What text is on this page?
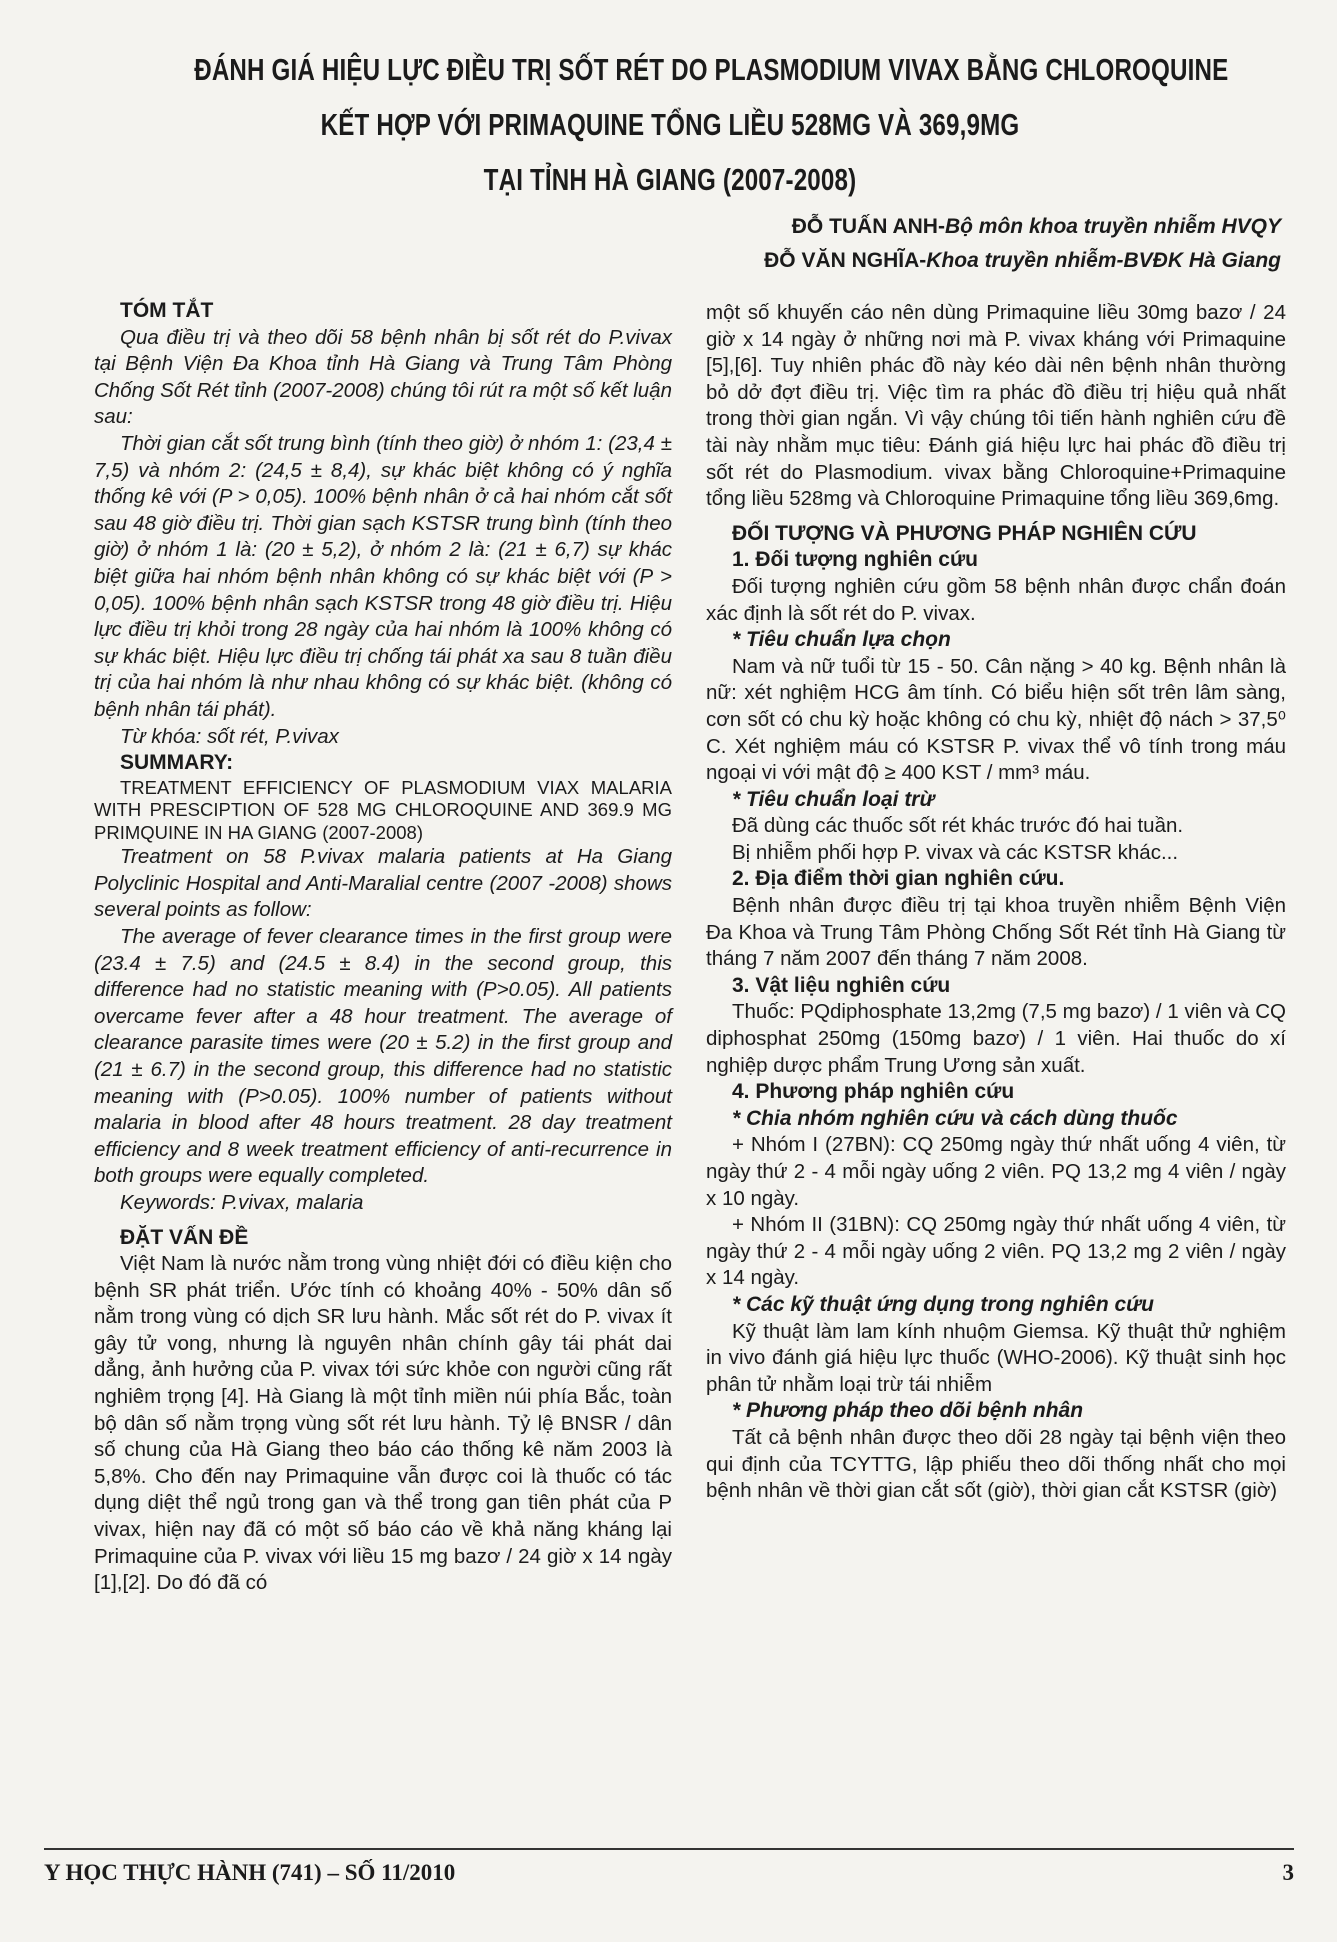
ĐÁNH GIÁ HIỆU LỰC ĐIỀU TRỊ SỐT RÉT DO PLASMODIUM VIVAX BẰNG CHLOROQUINE
KẾT HỢP VỚI PRIMAQUINE TỔNG LIỀU 528MG VÀ 369,9MG
TẠI TỈNH HÀ GIANG (2007-2008)
ĐỖ TUẤN ANH-Bộ môn khoa truyền nhiễm HVQY
ĐỖ VĂN NGHĨA-Khoa truyền nhiễm-BVĐK Hà Giang

TÓM TẮT

Qua điều trị và theo dõi 58 bệnh nhân bị sốt rét do P.vivax tại Bệnh Viện Đa Khoa tỉnh Hà Giang và Trung Tâm Phòng Chống Sốt Rét tỉnh (2007-2008) chúng tôi rút ra một số kết luận sau:

Thời gian cắt sốt trung bình (tính theo giờ) ở nhóm 1: (23,4 ± 7,5) và nhóm 2: (24,5 ± 8,4), sự khác biệt không có ý nghĩa thống kê với (P > 0,05). 100% bệnh nhân ở cả hai nhóm cắt sốt sau 48 giờ điều trị. Thời gian sạch KSTSR trung bình (tính theo giờ) ở nhóm 1 là: (20 ± 5,2), ở nhóm 2 là: (21 ± 6,7) sự khác biệt giữa hai nhóm bệnh nhân không có sự khác biệt với (P > 0,05). 100% bệnh nhân sạch KSTSR trong 48 giờ điều trị. Hiệu lực điều trị khỏi trong 28 ngày của hai nhóm là 100% không có sự khác biệt. Hiệu lực điều trị chống tái phát xa sau 8 tuần điều trị của hai nhóm là như nhau không có sự khác biệt. (không có bệnh nhân tái phát).

Từ khóa: sốt rét, P.vivax

SUMMARY:

TREATMENT EFFICIENCY OF PLASMODIUM VIAX MALARIA WITH PRESCIPTION OF 528 MG CHLOROQUINE AND 369.9 MG PRIMQUINE IN HA GIANG (2007-2008)

Treatment on 58 P.vivax malaria patients at Ha Giang Polyclinic Hospital and Anti-Maralial centre (2007 -2008) shows several points as follow:

The average of fever clearance times in the first group were (23.4 ± 7.5) and (24.5 ± 8.4) in the second group, this difference had no statistic meaning with (P>0.05). All patients overcame fever after a 48 hour treatment. The average of clearance parasite times were (20 ± 5.2) in the first group and (21 ± 6.7) in the second group, this difference had no statistic meaning with (P>0.05). 100% number of patients without malaria in blood after 48 hours treatment. 28 day treatment efficiency and 8 week treatment efficiency of anti-recurrence in both groups were equally completed.

Keywords: P.vivax, malaria

ĐẶT VẤN ĐỀ

Việt Nam là nước nằm trong vùng nhiệt đới có điều kiện cho bệnh SR phát triển. Ước tính có khoảng 40% - 50% dân số nằm trong vùng có dịch SR lưu hành. Mắc sốt rét do P. vivax ít gây tử vong, nhưng là nguyên nhân chính gây tái phát dai dẳng, ảnh hưởng của P. vivax tới sức khỏe con người cũng rất nghiêm trọng [4]. Hà Giang là một tỉnh miền núi phía Bắc, toàn bộ dân số nằm trọng vùng sốt rét lưu hành. Tỷ lệ BNSR / dân số chung của Hà Giang theo báo cáo thống kê năm 2003 là 5,8%. Cho đến nay Primaquine vẫn được coi là thuốc có tác dụng diệt thể ngủ trong gan và thể trong gan tiên phát của P vivax, hiện nay đã có một số báo cáo về khả năng kháng lại Primaquine của P. vivax với liều 15 mg bazơ / 24 giờ x 14 ngày [1],[2]. Do đó đã có

một số khuyến cáo nên dùng Primaquine liều 30mg bazơ / 24 giờ x 14 ngày ở những nơi mà P. vivax kháng với Primaquine [5],[6]. Tuy nhiên phác đồ này kéo dài nên bệnh nhân thường bỏ dở đợt điều trị. Việc tìm ra phác đồ điều trị hiệu quả nhất trong thời gian ngắn. Vì vậy chúng tôi tiến hành nghiên cứu đề tài này nhằm mục tiêu: Đánh giá hiệu lực hai phác đồ điều trị sốt rét do Plasmodium. vivax bằng Chloroquine+Primaquine tổng liều 528mg và Chloroquine Primaquine tổng liều 369,6mg.

ĐỐI TƯỢNG VÀ PHƯƠNG PHÁP NGHIÊN CỨU

1. Đối tượng nghiên cứu

Đối tượng nghiên cứu gồm 58 bệnh nhân được chẩn đoán xác định là sốt rét do P. vivax.

* Tiêu chuẩn lựa chọn

Nam và nữ tuổi từ 15 - 50. Cân nặng > 40 kg. Bệnh nhân là nữ: xét nghiệm HCG âm tính. Có biểu hiện sốt trên lâm sàng, cơn sốt có chu kỳ hoặc không có chu kỳ, nhiệt độ nách > 37,5⁰ C. Xét nghiệm máu có KSTSR P. vivax thể vô tính trong máu ngoại vi với mật độ ≥ 400 KST / mm³ máu.

* Tiêu chuẩn loại trừ

Đã dùng các thuốc sốt rét khác trước đó hai tuần.

Bị nhiễm phối hợp P. vivax và các KSTSR khác...

2. Địa điểm thời gian nghiên cứu.

Bệnh nhân được điều trị tại khoa truyền nhiễm Bệnh Viện Đa Khoa và Trung Tâm Phòng Chống Sốt Rét tỉnh Hà Giang từ tháng 7 năm 2007 đến tháng 7 năm 2008.

3. Vật liệu nghiên cứu

Thuốc: PQdiphosphate 13,2mg (7,5 mg bazơ) / 1 viên và CQ diphosphat 250mg (150mg bazơ) / 1 viên. Hai thuốc do xí nghiệp dược phẩm Trung Ương sản xuất.

4. Phương pháp nghiên cứu

* Chia nhóm nghiên cứu và cách dùng thuốc

+ Nhóm I (27BN): CQ 250mg ngày thứ nhất uống 4 viên, từ ngày thứ 2 - 4 mỗi ngày uống 2 viên. PQ 13,2 mg 4 viên / ngày x 10 ngày.

+ Nhóm II (31BN): CQ 250mg ngày thứ nhất uống 4 viên, từ ngày thứ 2 - 4 mỗi ngày uống 2 viên. PQ 13,2 mg 2 viên / ngày x 14 ngày.

* Các kỹ thuật ứng dụng trong nghiên cứu

Kỹ thuật làm lam kính nhuộm Giemsa. Kỹ thuật thử nghiệm in vivo đánh giá hiệu lực thuốc (WHO-2006). Kỹ thuật sinh học phân tử nhằm loại trừ tái nhiễm

* Phương pháp theo dõi bệnh nhân

Tất cả bệnh nhân được theo dõi 28 ngày tại bệnh viện theo qui định của TCYTTG, lập phiếu theo dõi thống nhất cho mọi bệnh nhân về thời gian cắt sốt (giờ), thời gian cắt KSTSR (giờ)

Y HỌC THỰC HÀNH (741) – SỐ 11/2010	3
